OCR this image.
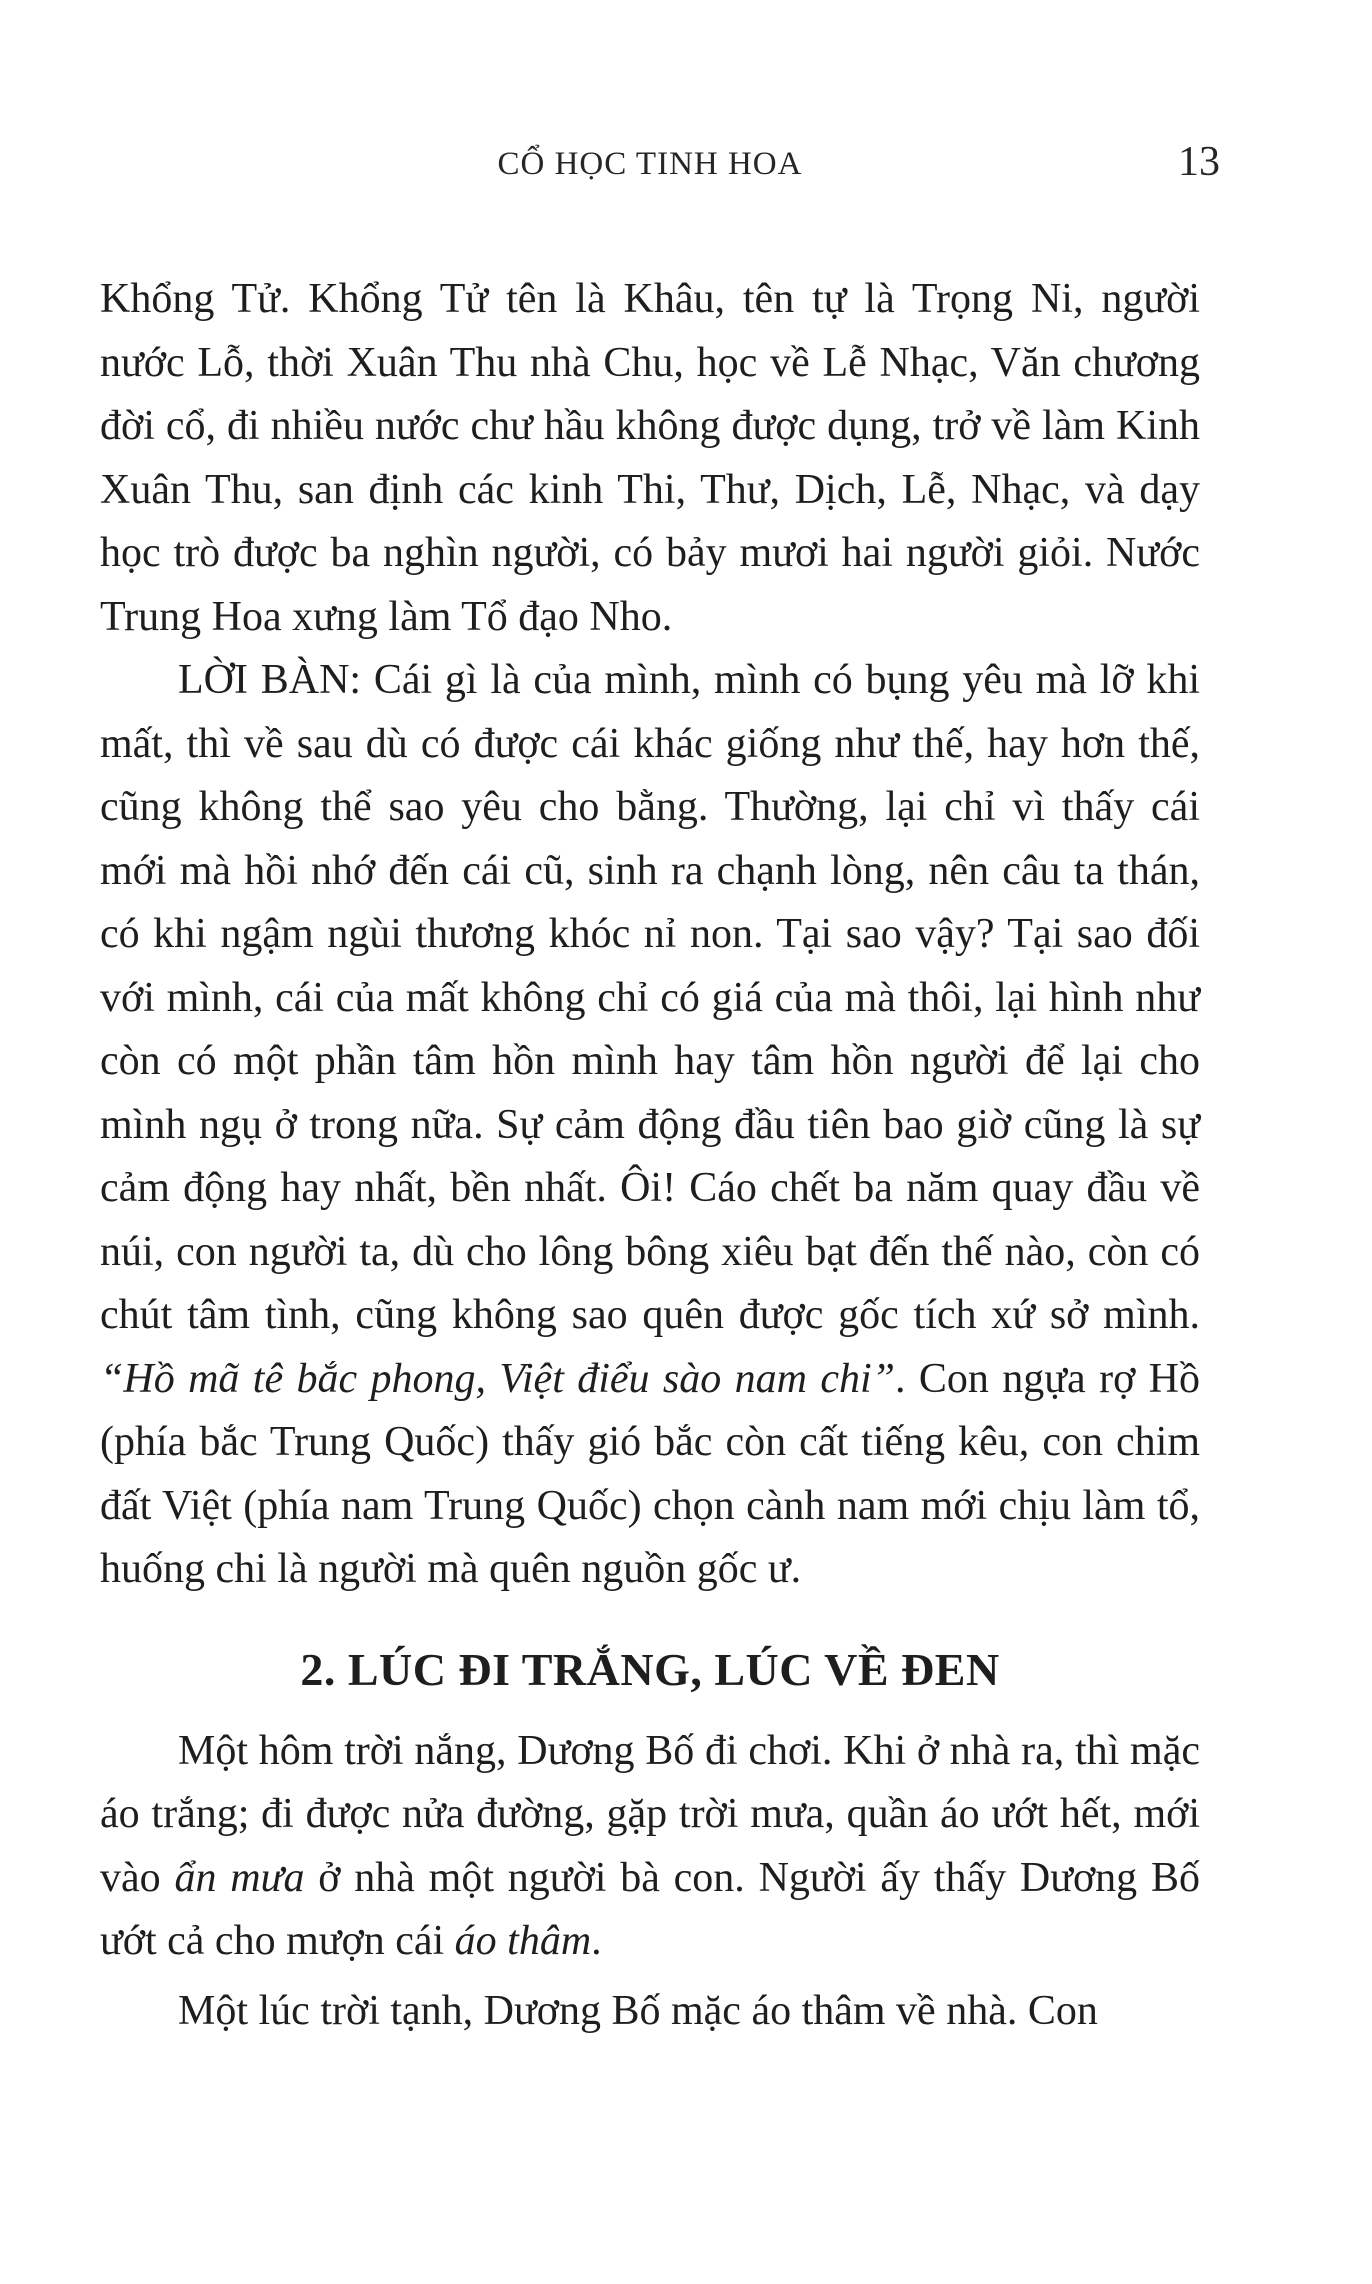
CỔ HỌC TINH HOA	13

Khổng Tử. Khổng Tử tên là Khâu, tên tự là Trọng Ni, người nước Lỗ, thời Xuân Thu nhà Chu, học về Lễ Nhạc, Văn chương đời cổ, đi nhiều nước chư hầu không được dụng, trở về làm Kinh Xuân Thu, san định các kinh Thi, Thư, Dịch, Lễ, Nhạc, và dạy học trò được ba nghìn người, có bảy mươi hai người giỏi. Nước Trung Hoa xưng làm Tổ đạo Nho.

LỜI BÀN: Cái gì là của mình, mình có bụng yêu mà lỡ khi mất, thì về sau dù có được cái khác giống như thế, hay hơn thế, cũng không thể sao yêu cho bằng. Thường, lại chỉ vì thấy cái mới mà hồi nhớ đến cái cũ, sinh ra chạnh lòng, nên câu ta thán, có khi ngậm ngùi thương khóc nỉ non. Tại sao vậy? Tại sao đối với mình, cái của mất không chỉ có giá của mà thôi, lại hình như còn có một phần tâm hồn mình hay tâm hồn người để lại cho mình ngụ ở trong nữa. Sự cảm động đầu tiên bao giờ cũng là sự cảm động hay nhất, bền nhất. Ôi! Cáo chết ba năm quay đầu về núi, con người ta, dù cho lông bông xiêu bạt đến thế nào, còn có chút tâm tình, cũng không sao quên được gốc tích xứ sở mình. “Hồ mã tê bắc phong, Việt điểu sào nam chi”. Con ngựa rợ Hồ (phía bắc Trung Quốc) thấy gió bắc còn cất tiếng kêu, con chim đất Việt (phía nam Trung Quốc) chọn cành nam mới chịu làm tổ, huống chi là người mà quên nguồn gốc ư.

2. LÚC ĐI TRẮNG, LÚC VỀ ĐEN

Một hôm trời nắng, Dương Bố đi chơi. Khi ở nhà ra, thì mặc áo trắng; đi được nửa đường, gặp trời mưa, quần áo ướt hết, mới vào ẩn mưa ở nhà một người bà con. Người ấy thấy Dương Bố ướt cả cho mượn cái áo thâm.

Một lúc trời tạnh, Dương Bố mặc áo thâm về nhà. Con
